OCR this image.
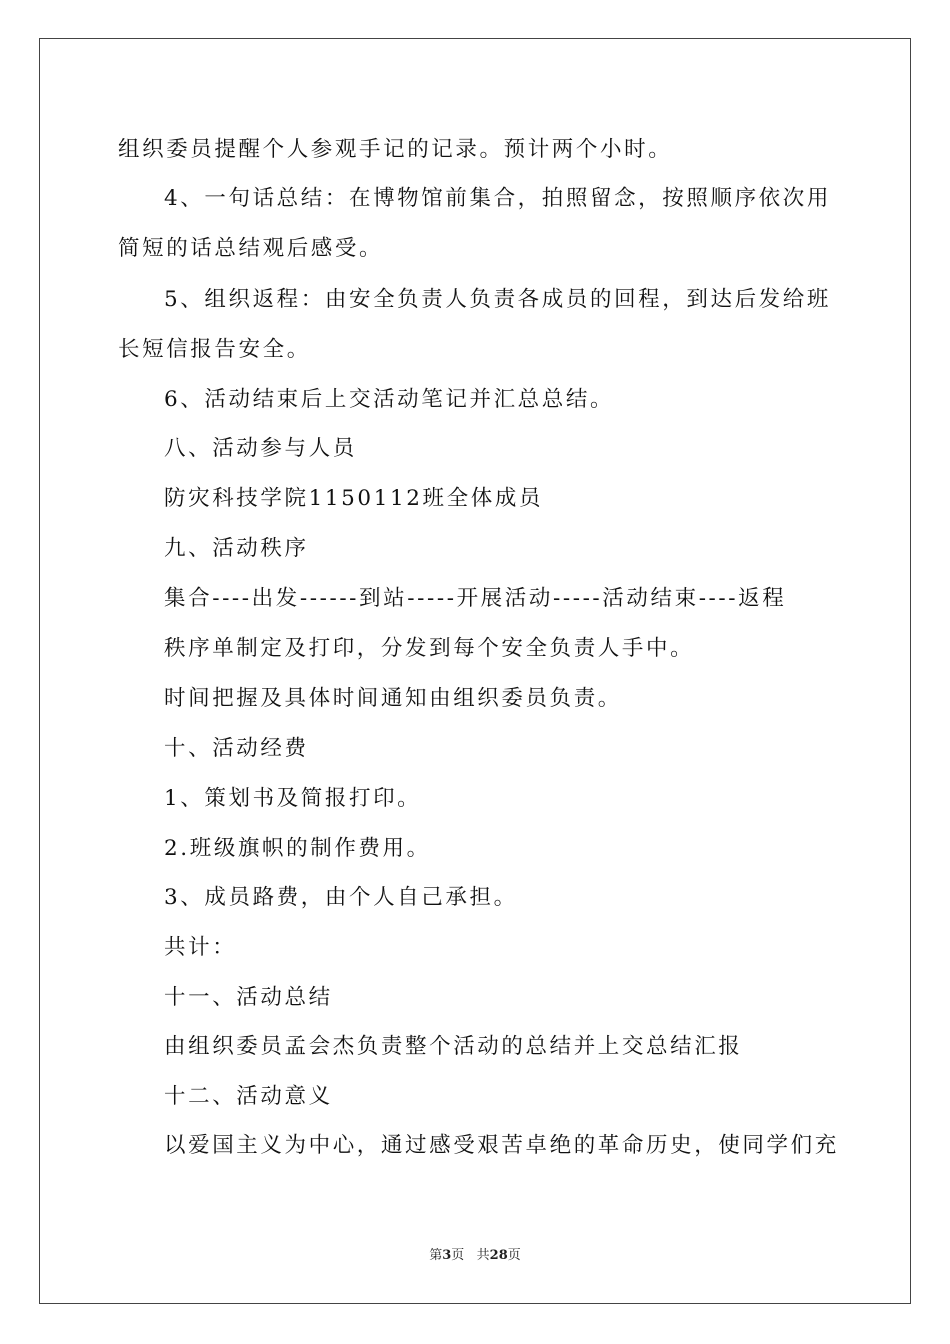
组织委员提醒个人参观手记的记录。预计两个小时。
4、一句话总结：在博物馆前集合，拍照留念，按照顺序依次用
简短的话总结观后感受。
5、组织返程：由安全负责人负责各成员的回程，到达后发给班
长短信报告安全。
6、活动结束后上交活动笔记并汇总总结。
八、活动参与人员
防灾科技学院1150112班全体成员
九、活动秩序
集合----出发------到站-----开展活动-----活动结束----返程
秩序单制定及打印，分发到每个安全负责人手中。
时间把握及具体时间通知由组织委员负责。
十、活动经费
1、策划书及简报打印。
2.班级旗帜的制作费用。
3、成员路费，由个人自己承担。
共计：
十一、活动总结
由组织委员孟会杰负责整个活动的总结并上交总结汇报
十二、活动意义
以爱国主义为中心，通过感受艰苦卓绝的革命历史，使同学们充
第3页   共28页
